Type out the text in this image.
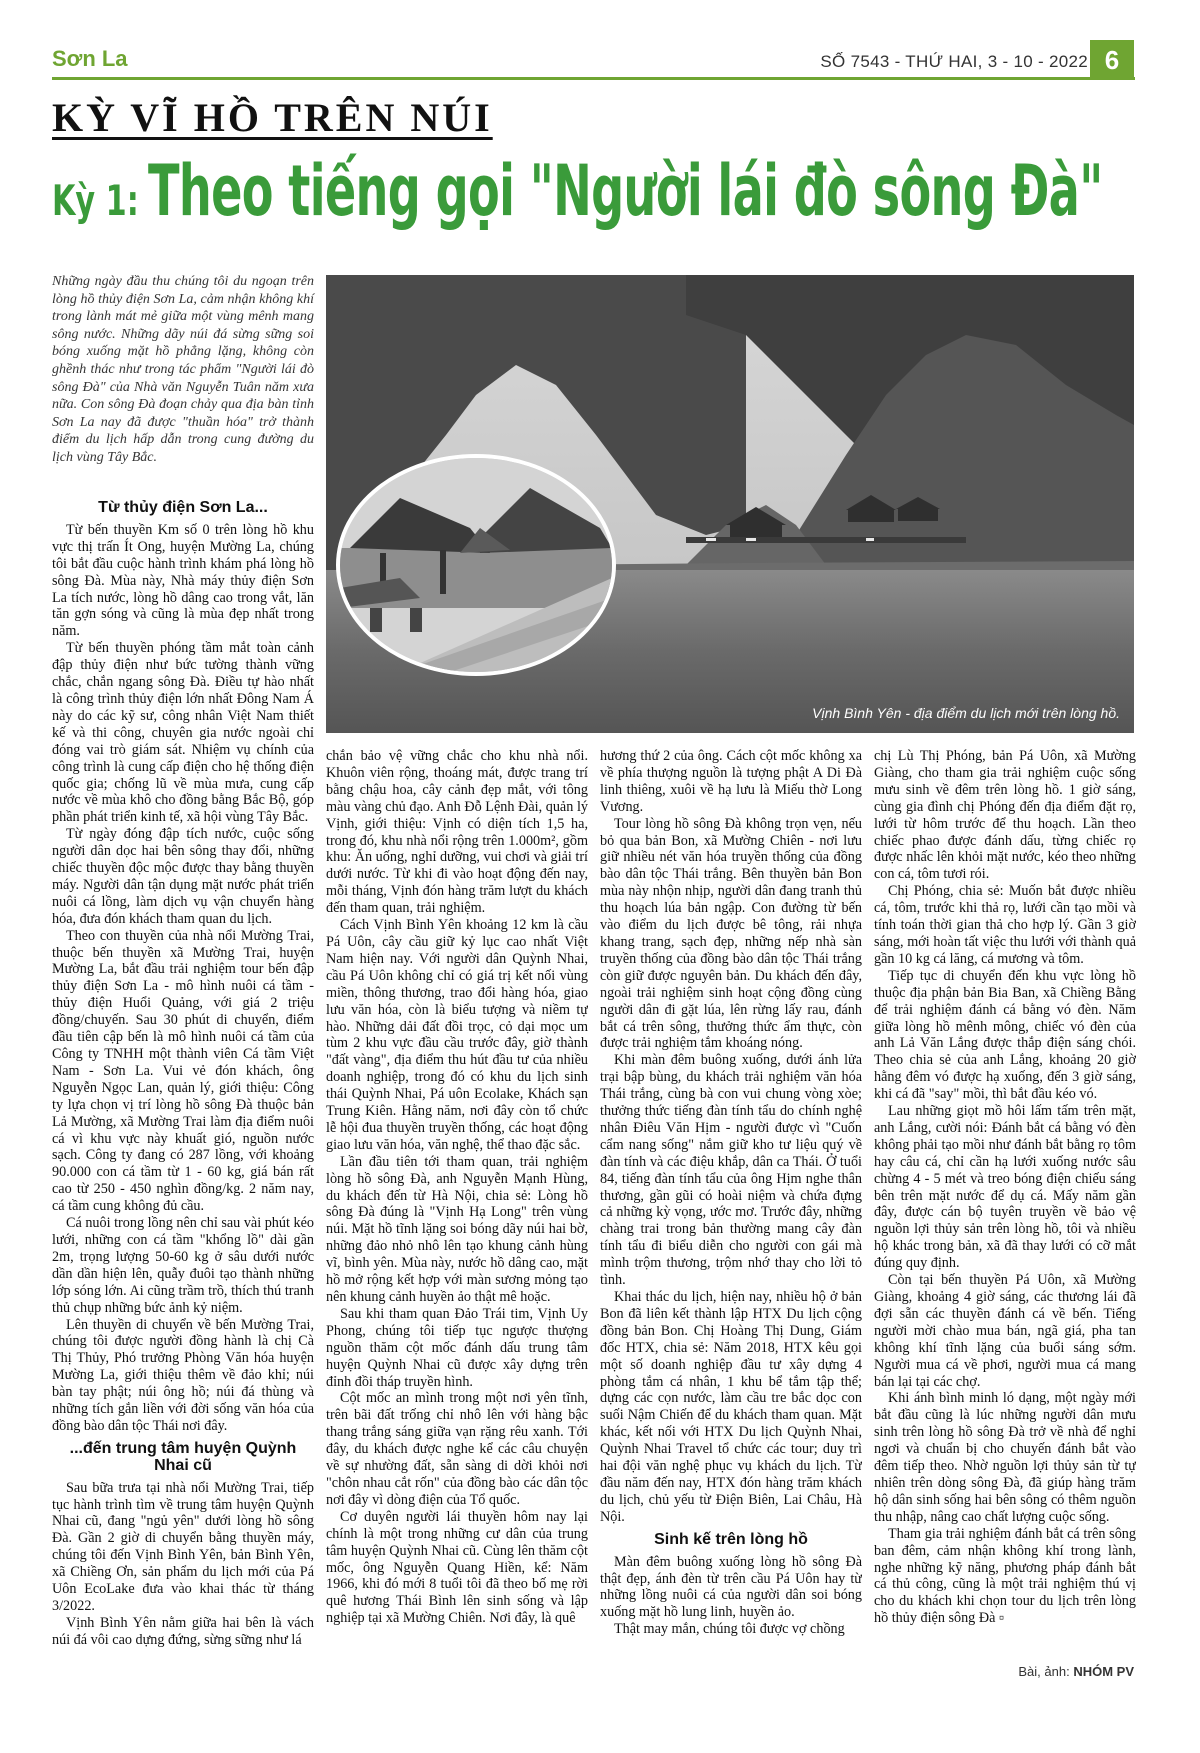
Sơn La	SỐ 7543 - THỨ HAI, 3 - 10 - 2022 6
KỲ VĨ HỒ TRÊN NÚI
Kỳ 1: Theo tiếng gọi "Người lái đò sông Đà"
Những ngày đầu thu chúng tôi du ngoạn trên lòng hồ thủy điện Sơn La, cảm nhận không khí trong lành mát mẻ giữa một vùng mênh mang sông nước. Những dãy núi đá sừng sững soi bóng xuống mặt hồ phẳng lặng, không còn ghềnh thác như trong tác phẩm "Người lái đò sông Đà" của Nhà văn Nguyễn Tuân năm xưa nữa. Con sông Đà đoạn chảy qua địa bàn tỉnh Sơn La nay đã được "thuần hóa" trở thành điểm du lịch hấp dẫn trong cung đường du lịch vùng Tây Bắc.
Vịnh Bình Yên - địa điểm du lịch mới trên lòng hồ.
Từ thủy điện Sơn La...

Từ bến thuyền Km số 0 trên lòng hồ khu vực thị trấn Ít Ong, huyện Mường La, chúng tôi bắt đầu cuộc hành trình khám phá lòng hồ sông Đà. Mùa này, Nhà máy thủy điện Sơn La tích nước, lòng hồ dâng cao trong vắt, lăn tăn gợn sóng và cũng là mùa đẹp nhất trong năm.

Từ bến thuyền phóng tầm mắt toàn cảnh đập thủy điện như bức tường thành vững chắc, chắn ngang sông Đà. Điều tự hào nhất là công trình thủy điện lớn nhất Đông Nam Á này do các kỹ sư, công nhân Việt Nam thiết kế và thi công, chuyên gia nước ngoài chỉ đóng vai trò giám sát. Nhiệm vụ chính của công trình là cung cấp điện cho hệ thống điện quốc gia; chống lũ về mùa mưa, cung cấp nước về mùa khô cho đồng bằng Bắc Bộ, góp phần phát triển kinh tế, xã hội vùng Tây Bắc.

Từ ngày đóng đập tích nước, cuộc sống người dân dọc hai bên sông thay đổi, những chiếc thuyền độc mộc được thay bằng thuyền máy. Người dân tận dụng mặt nước phát triển nuôi cá lồng, làm dịch vụ vận chuyển hàng hóa, đưa đón khách tham quan du lịch.

Theo con thuyền của nhà nổi Mường Trai, thuộc bến thuyền xã Mường Trai, huyện Mường La, bắt đầu trải nghiệm tour bến đập thủy điện Sơn La - mô hình nuôi cá tầm - thủy điện Huổi Quảng, với giá 2 triệu đồng/chuyến. Sau 30 phút di chuyển, điểm đầu tiên cập bến là mô hình nuôi cá tầm của Công ty TNHH một thành viên Cá tầm Việt Nam - Sơn La. Vui vẻ đón khách, ông Nguyễn Ngọc Lan, quản lý, giới thiệu: Công ty lựa chọn vị trí lòng hồ sông Đà thuộc bản Lả Mường, xã Mường Trai làm địa điểm nuôi cá vì khu vực này khuất gió, nguồn nước sạch. Công ty đang có 287 lồng, với khoảng 90.000 con cá tầm từ 1 - 60 kg, giá bán rất cao từ 250 - 450 nghìn đồng/kg. 2 năm nay, cá tầm cung không đủ cầu.

Cá nuôi trong lồng nên chỉ sau vài phút kéo lưới, những con cá tầm "khổng lồ" dài gần 2m, trọng lượng 50-60 kg ở sâu dưới nước dần dần hiện lên, quẫy đuôi tạo thành những lớp sóng lớn. Ai cũng trầm trồ, thích thú tranh thủ chụp những bức ảnh kỷ niệm.

Lên thuyền di chuyển về bến Mường Trai, chúng tôi được người đồng hành là chị Cà Thị Thủy, Phó trưởng Phòng Văn hóa huyện Mường La, giới thiệu thêm về đảo khỉ; núi bàn tay phật; núi ông hồ; núi đá thùng và những tích gắn liền với đời sống văn hóa của đồng bào dân tộc Thái nơi đây.

...đến trung tâm huyện Quỳnh Nhai cũ

Sau bữa trưa tại nhà nổi Mường Trai, tiếp tục hành trình tìm về trung tâm huyện Quỳnh Nhai cũ, đang "ngủ yên" dưới lòng hồ sông Đà. Gần 2 giờ di chuyển bằng thuyền máy, chúng tôi đến Vịnh Bình Yên, bản Bình Yên, xã Chiềng Ơn, sản phẩm du lịch mới của Pá Uôn EcoLake đưa vào khai thác từ tháng 3/2022.

Vịnh Bình Yên nằm giữa hai bên là vách núi đá vôi cao dựng đứng, sừng sững như lá

chắn bảo vệ vững chắc cho khu nhà nổi. Khuôn viên rộng, thoáng mát, được trang trí bằng chậu hoa, cây cảnh đẹp mắt, với tông màu vàng chủ đạo. Anh Đỗ Lệnh Đài, quản lý Vịnh, giới thiệu: Vịnh có diện tích 1,5 ha, trong đó, khu nhà nổi rộng trên 1.000m², gồm khu: Ăn uống, nghỉ dưỡng, vui chơi và giải trí dưới nước. Từ khi đi vào hoạt động đến nay, mỗi tháng, Vịnh đón hàng trăm lượt du khách đến tham quan, trải nghiệm.

Cách Vịnh Bình Yên khoảng 12 km là cầu Pá Uôn, cây cầu giữ kỷ lục cao nhất Việt Nam hiện nay. Với người dân Quỳnh Nhai, cầu Pá Uôn không chỉ có giá trị kết nối vùng miền, thông thương, trao đổi hàng hóa, giao lưu văn hóa, còn là biểu tượng và niềm tự hào. Những dải đất đồi trọc, cỏ dại mọc um tùm 2 khu vực đầu cầu trước đây, giờ thành "đất vàng", địa điểm thu hút đầu tư của nhiều doanh nghiệp, trong đó có khu du lịch sinh thái Quỳnh Nhai, Pá uôn Ecolake, Khách sạn Trung Kiên. Hằng năm, nơi đây còn tổ chức lễ hội đua thuyền truyền thống, các hoạt động giao lưu văn hóa, văn nghệ, thể thao đặc sắc.

Lần đầu tiên tới tham quan, trải nghiệm lòng hồ sông Đà, anh Nguyễn Mạnh Hùng, du khách đến từ Hà Nội, chia sẻ: Lòng hồ sông Đà đúng là "Vịnh Hạ Long" trên vùng núi. Mặt hồ tĩnh lặng soi bóng dãy núi hai bờ, những đảo nhỏ nhô lên tạo khung cảnh hùng vĩ, bình yên. Mùa này, nước hồ dâng cao, mặt hồ mở rộng kết hợp với màn sương mỏng tạo nên khung cảnh huyền ảo thật mê hoặc.

Sau khi tham quan Đảo Trái tim, Vịnh Uy Phong, chúng tôi tiếp tục ngược thượng nguồn thăm cột mốc đánh dấu trung tâm huyện Quỳnh Nhai cũ được xây dựng trên đỉnh đồi tháp truyền hình.

Cột mốc an mình trong một nơi yên tĩnh, trên bãi đất trống chỉ nhô lên với hàng bậc thang trắng sáng giữa vạn rặng rêu xanh. Tới đây, du khách được nghe kể các câu chuyện về sự nhường đất, sẵn sàng di dời khỏi nơi "chôn nhau cắt rốn" của đồng bào các dân tộc nơi đây vì dòng điện của Tổ quốc.

Cơ duyên người lái thuyền hôm nay lại chính là một trong những cư dân của trung tâm huyện Quỳnh Nhai cũ. Cùng lên thăm cột mốc, ông Nguyễn Quang Hiền, kể: Năm 1966, khi đó mới 8 tuổi tôi đã theo bố mẹ rời quê hương Thái Bình lên sinh sống và lập nghiệp tại xã Mường Chiên. Nơi đây, là quê

hương thứ 2 của ông. Cách cột mốc không xa về phía thượng nguồn là tượng phật A Di Đà linh thiêng, xuôi về hạ lưu là Miếu thờ Long Vương.

Tour lòng hồ sông Đà không trọn vẹn, nếu bỏ qua bản Bon, xã Mường Chiên - nơi lưu giữ nhiều nét văn hóa truyền thống của đồng bào dân tộc Thái trắng. Bên thuyền bản Bon mùa này nhộn nhịp, người dân đang tranh thủ thu hoạch lúa bản ngập. Con đường từ bến vào điểm du lịch được bê tông, rải nhựa khang trang, sạch đẹp, những nếp nhà sàn truyền thống của đồng bào dân tộc Thái trắng còn giữ được nguyên bản. Du khách đến đây, ngoài trải nghiệm sinh hoạt cộng đồng cùng người dân đi gặt lúa, lên rừng lấy rau, đánh bắt cá trên sông, thưởng thức ẩm thực, còn được trải nghiệm tắm khoáng nóng.

Khi màn đêm buông xuống, dưới ánh lửa trại bập bùng, du khách trải nghiệm văn hóa Thái trắng, cùng bà con vui chung vòng xòe; thưởng thức tiếng đàn tính tẩu do chính nghệ nhân Điêu Văn Hịm - người được vì "Cuốn cẩm nang sống" nắm giữ kho tư liệu quý về đàn tính và các điệu khắp, dân ca Thái. Ở tuổi 84, tiếng đàn tính tẩu của ông Hịm nghe thân thương, gần gũi có hoài niệm và chứa đựng cả những kỳ vọng, ước mơ. Trước đây, những chàng trai trong bản thường mang cây đàn tính tẩu đi biểu diễn cho người con gái mà mình trộm thương, trộm nhớ thay cho lời tỏ tình.

Khai thác du lịch, hiện nay, nhiều hộ ở bản Bon đã liên kết thành lập HTX Du lịch cộng đồng bản Bon. Chị Hoàng Thị Dung, Giám đốc HTX, chia sẻ: Năm 2018, HTX kêu gọi một số doanh nghiệp đầu tư xây dựng 4 phòng tắm cá nhân, 1 khu bể tắm tập thể; dựng các cọn nước, làm cầu tre bắc dọc con suối Nậm Chiến để du khách tham quan. Mặt khác, kết nối với HTX Du lịch Quỳnh Nhai, Quỳnh Nhai Travel tổ chức các tour; duy trì hai đội văn nghệ phục vụ khách du lịch. Từ đầu năm đến nay, HTX đón hàng trăm khách du lịch, chủ yếu từ Điện Biên, Lai Châu, Hà Nội.

Sinh kế trên lòng hồ

Màn đêm buông xuống lòng hồ sông Đà thật đẹp, ánh đèn từ trên cầu Pá Uôn hay từ những lồng nuôi cá của người dân soi bóng xuống mặt hồ lung linh, huyền ảo.

Thật may mắn, chúng tôi được vợ chồng

chị Lù Thị Phóng, bản Pá Uôn, xã Mường Giàng, cho tham gia trải nghiệm cuộc sống mưu sinh về đêm trên lòng hồ. 1 giờ sáng, cùng gia đình chị Phóng đến địa điểm đặt rọ, lưới từ hôm trước để thu hoạch. Lần theo chiếc phao được đánh dấu, từng chiếc rọ được nhấc lên khỏi mặt nước, kéo theo những con cá, tôm tươi rói.

Chị Phóng, chia sẻ: Muốn bắt được nhiều cá, tôm, trước khi thả rọ, lưới cần tạo mồi và tính toán thời gian thả cho hợp lý. Gần 3 giờ sáng, mới hoàn tất việc thu lưới với thành quả gần 10 kg cá lăng, cá mương và tôm.

Tiếp tục di chuyển đến khu vực lòng hồ thuộc địa phận bản Bia Ban, xã Chiềng Bằng để trải nghiệm đánh cá bằng vó đèn. Năm giữa lòng hồ mênh mông, chiếc vó đèn của anh Lả Văn Lắng được thắp điện sáng chói. Theo chia sẻ của anh Lắng, khoảng 20 giờ hằng đêm vó được hạ xuống, đến 3 giờ sáng, khi cá đã "say" mồi, thì bắt đầu kéo vó.

Lau những giọt mồ hôi lấm tấm trên mặt, anh Lắng, cười nói: Đánh bắt cá bằng vó đèn không phải tạo mồi như đánh bắt bằng rọ tôm hay câu cá, chỉ cần hạ lưới xuống nước sâu chừng 4 - 5 mét và treo bóng điện chiếu sáng bên trên mặt nước để dụ cá. Mấy năm gần đây, được cán bộ tuyên truyền về bảo vệ nguồn lợi thủy sản trên lòng hồ, tôi và nhiều hộ khác trong bản, xã đã thay lưới có cỡ mắt đúng quy định.

Còn tại bến thuyền Pá Uôn, xã Mường Giàng, khoảng 4 giờ sáng, các thương lái đã đợi sẵn các thuyền đánh cá về bến. Tiếng người mời chào mua bán, ngã giá, pha tan không khí tĩnh lặng của buổi sáng sớm. Người mua cá về phơi, người mua cá mang bán lại tại các chợ.

Khi ánh bình minh ló dạng, một ngày mới bắt đầu cũng là lúc những người dân mưu sinh trên lòng hồ sông Đà trở về nhà để nghỉ ngơi và chuẩn bị cho chuyến đánh bắt vào đêm tiếp theo. Nhờ nguồn lợi thủy sản từ tự nhiên trên dòng sông Đà, đã giúp hàng trăm hộ dân sinh sống hai bên sông có thêm nguồn thu nhập, nâng cao chất lượng cuộc sống.

Tham gia trải nghiệm đánh bắt cá trên sông ban đêm, cảm nhận không khí trong lành, nghe những kỹ năng, phương pháp đánh bắt cá thủ công, cũng là một trải nghiệm thú vị cho du khách khi chọn tour du lịch trên lòng hồ thủy điện sông Đà ▫

Bài, ảnh: NHÓM PV
